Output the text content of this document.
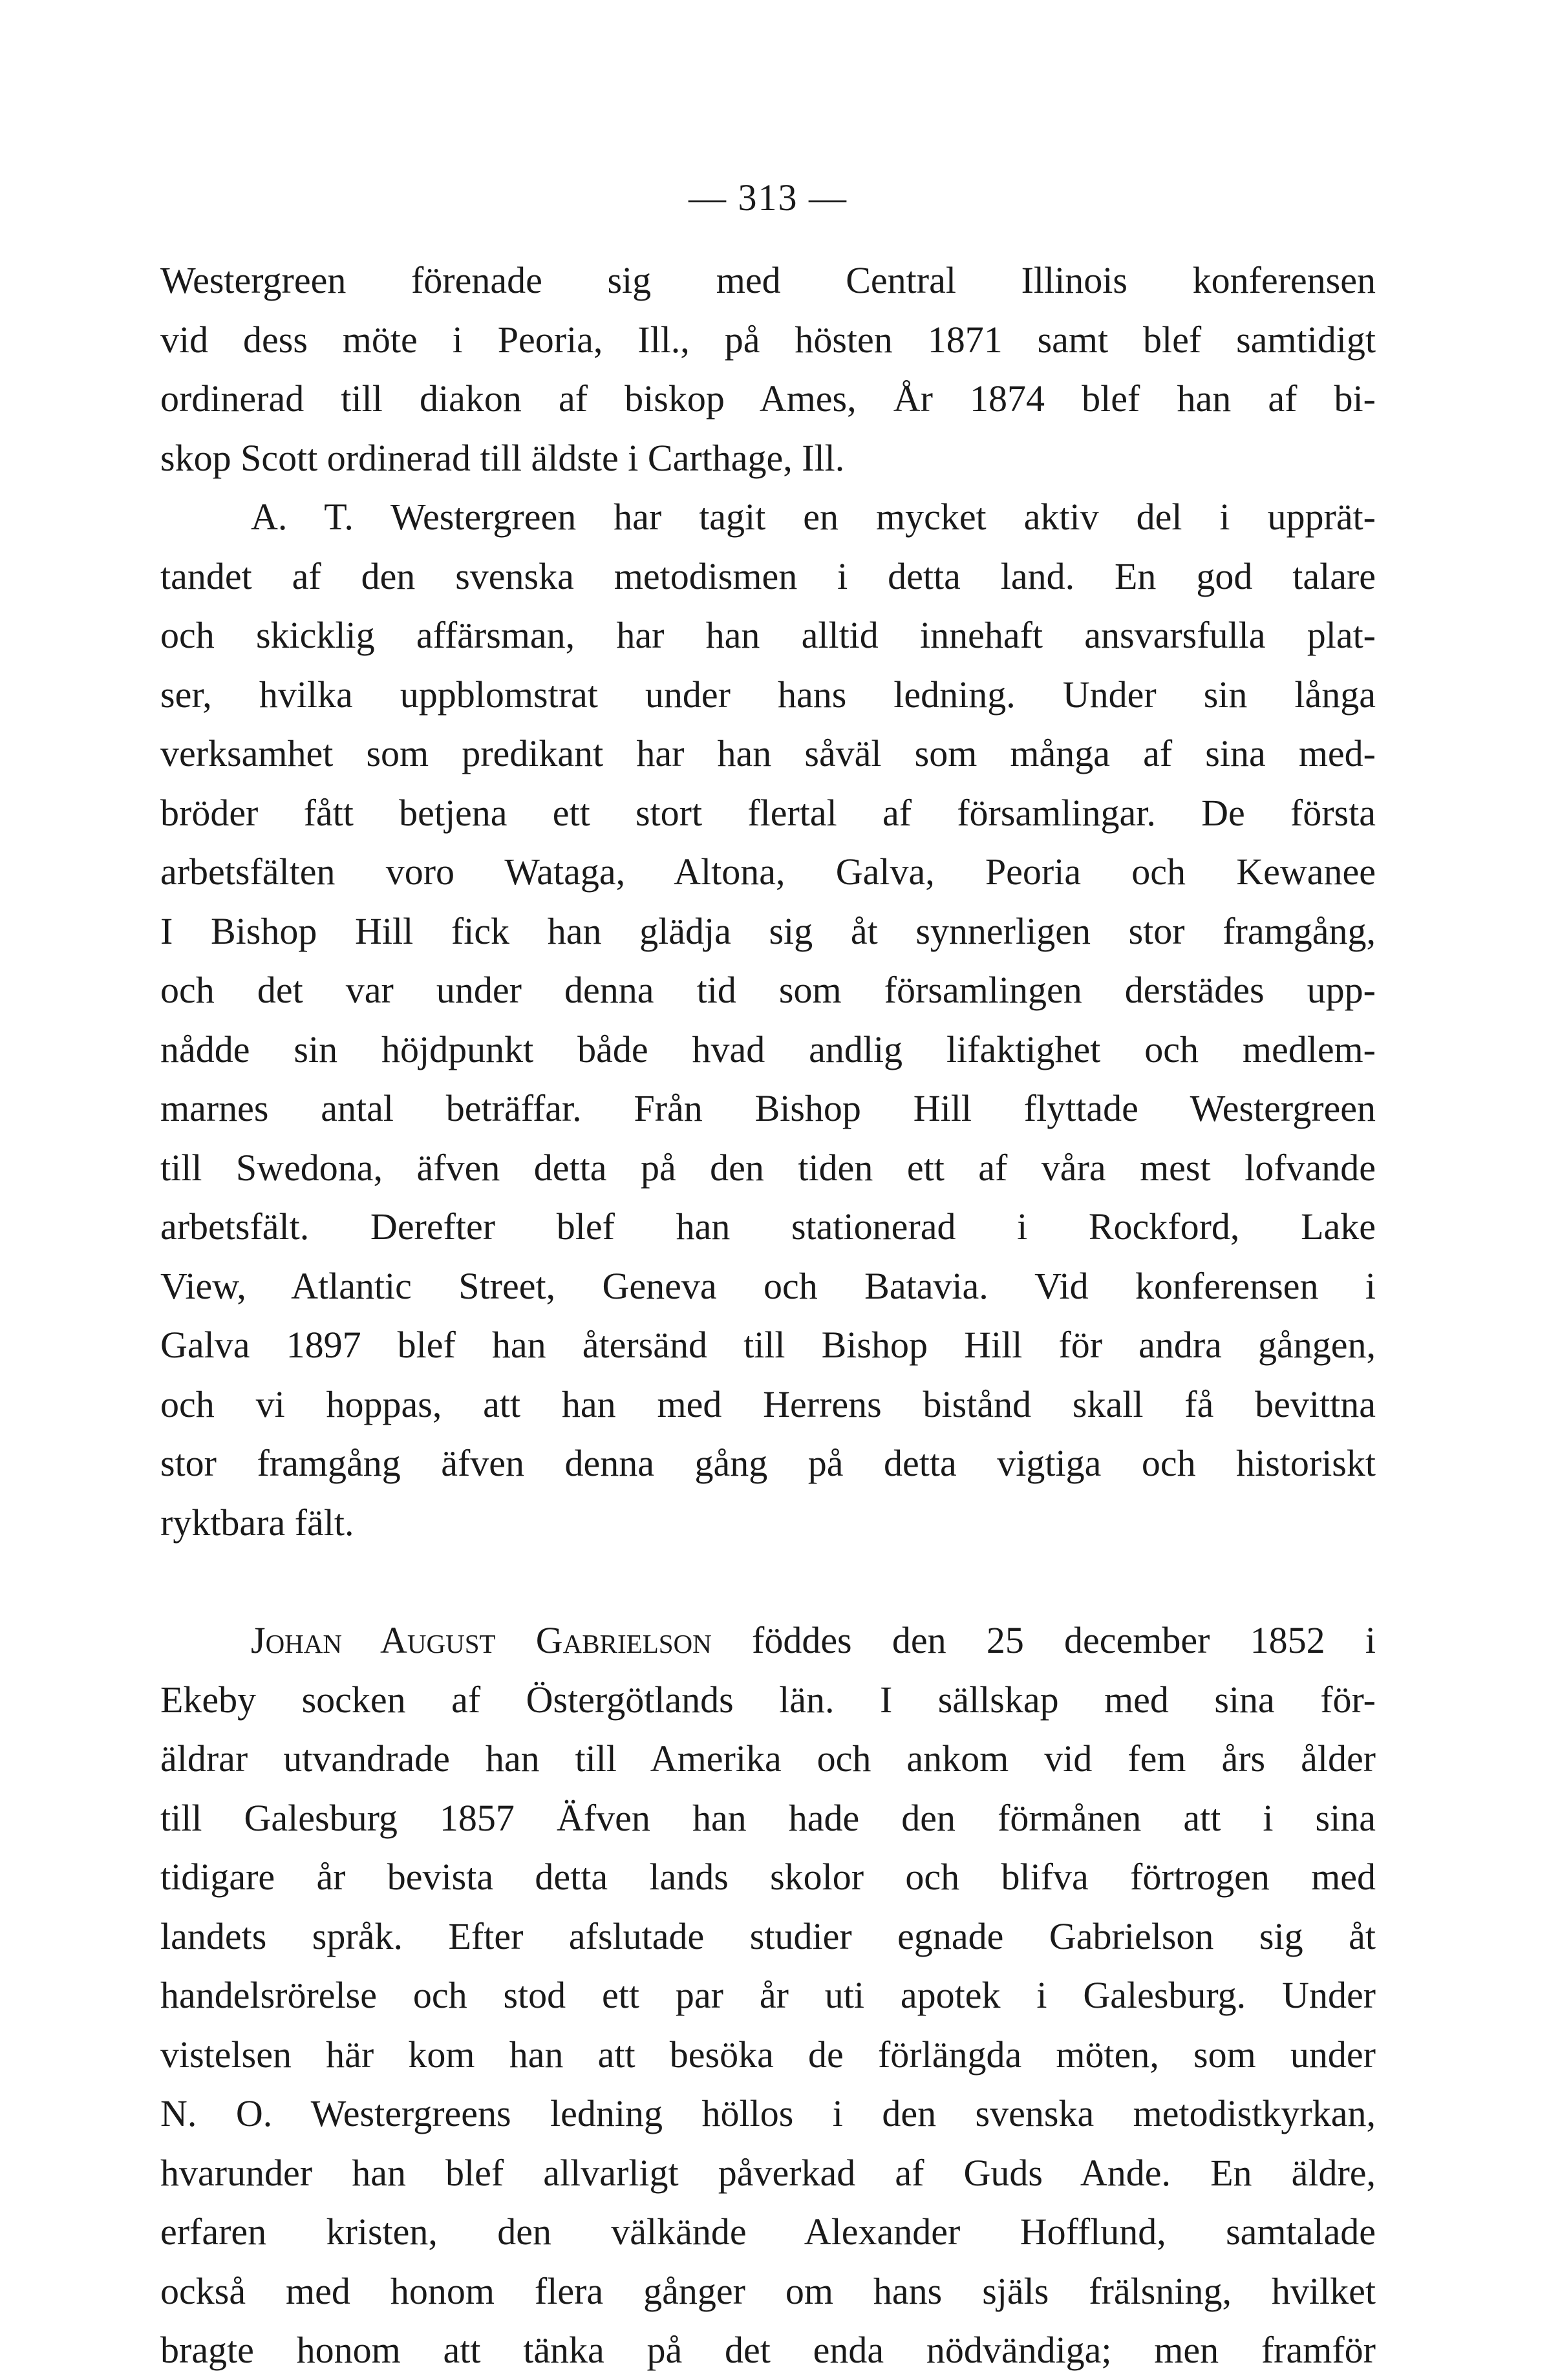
— 313 —
Westergreen förenade sig med Central Illinois konferensen
vid dess möte i Peoria, Ill., på hösten 1871 samt blef samtidigt
ordinerad till diakon af biskop Ames, År 1874 blef han af bi-
skop Scott ordinerad till äldste i Carthage, Ill.
A. T. Westergreen har tagit en mycket aktiv del i upprät-
tandet af den svenska metodismen i detta land. En god talare
och skicklig affärsman, har han alltid innehaft ansvarsfulla plat-
ser, hvilka uppblomstrat under hans ledning. Under sin långa
verksamhet som predikant har han såväl som många af sina med-
bröder fått betjena ett stort flertal af församlingar. De första
arbetsfälten voro Wataga, Altona, Galva, Peoria och Kewanee
I Bishop Hill fick han glädja sig åt synnerligen stor framgång,
och det var under denna tid som församlingen derstädes upp-
nådde sin höjdpunkt både hvad andlig lifaktighet och medlem-
marnes antal beträffar. Från Bishop Hill flyttade Westergreen
till Swedona, äfven detta på den tiden ett af våra mest lofvande
arbetsfält. Derefter blef han stationerad i Rockford, Lake
View, Atlantic Street, Geneva och Batavia. Vid konferensen i
Galva 1897 blef han återsänd till Bishop Hill för andra gången,
och vi hoppas, att han med Herrens bistånd skall få bevittna
stor framgång äfven denna gång på detta vigtiga och historiskt
ryktbara fält.
Johan August Gabrielson föddes den 25 december 1852 i
Ekeby socken af Östergötlands län. I sällskap med sina för-
äldrar utvandrade han till Amerika och ankom vid fem års ålder
till Galesburg 1857 Äfven han hade den förmånen att i sina
tidigare år bevista detta lands skolor och blifva förtrogen med
landets språk. Efter afslutade studier egnade Gabrielson sig åt
handelsrörelse och stod ett par år uti apotek i Galesburg. Under
vistelsen här kom han att besöka de förlängda möten, som under
N. O. Westergreens ledning höllos i den svenska metodistkyrkan,
hvarunder han blef allvarligt påverkad af Guds Ande. En äldre,
erfaren kristen, den välkände Alexander Hofflund, samtalade
också med honom flera gånger om hans själs frälsning, hvilket
bragte honom att tänka på det enda nödvändiga; men framför
